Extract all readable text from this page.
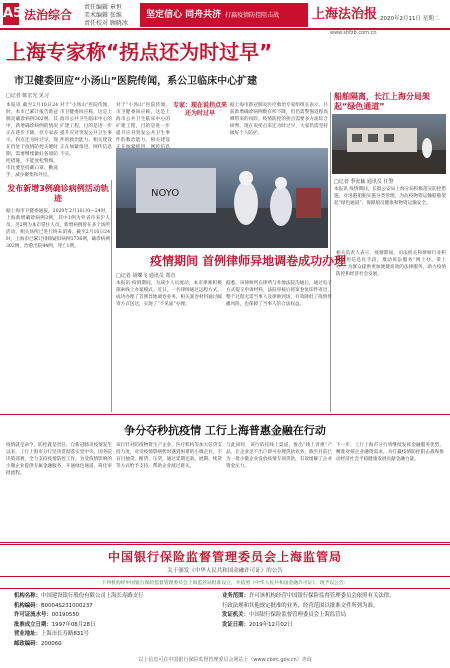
A5 法治综合
责任编辑 章恒
美术编辑 张维
责任校对 顾晓冰
坚定信心 同舟共济 打赢疫情防控阻击战	上海法治报 2020年2月11日 星期二
www.shfzb.com.cn
上海专家称“拐点还为时过早”
市卫健委回应“小汤山”医院传闻，系公卫临床中心扩建
□记者 陈宏光 见习
本报讯 截至2月10日24时，本市已累计报告新冠肺炎确诊病例302例。其中，新增确诊病例的情况正在逐步下降，但专家表示，拐点还为时过早，现在仍处于疫情防控关键时期，需要继续做好各项防控措施，不能放松警惕。市民要坚持戴口罩、勤洗手，减少聚集和外出。
发布新增3例确诊病例活动轨迹
据上海市卫健委通报，2020年2月10日0—24时，上海新增确诊病例3例，其中1例为外省市来沪人员，另2例为本市常住人员。新增病例曾在多个场所活动，相关场所已进行终末消毒。截至2月10日24时，上海市已累计排除疑似病例1736例，确诊病例302例，治愈出院44例，死亡1例。
对于“小汤山”医院传闻，市卫健委回应称，这是上海市公共卫生临床中心的扩建工程，目的是进一步提升应对突发公共卫生事件的救治能力。相关建设正在加紧推进，网传信息不实。
对于“小汤山”医院传闻，市卫健委回应称，这是上海市公共卫生临床中心的扩建工程，目的是进一步提升应对突发公共卫生事件的救治能力。相关建设
专家：现在说拐点来还为时过早
据上海市新冠肺炎医疗救治专家组组长表示，目前新增确诊病例数有所下降，但仍需警惕返程高峰带来的风险。疫情防控的拐点需要多方面综合研判，现在说拐点来还为时过早，大家仍需坚持做好个人防护。
NOYO
船舶隔离，长江上海分局架起“绿色通道”
□记者 季张颖 通讯员 任警
本报讯 疫情期间，长航公安局上海分局积极落实防控措施，对进港船舶实施分类管理，为抗疫物资运输船舶架起“绿色通道”，保障船员健康和物资运输安全。
疫情期间 首例律师异地调卷成功办理
□记者 胡蝶飞 通讯员 郑直
本报讯 疫情期间，为减少人员流动，本市律师积极探索线上办案模式。近日，一名律师通过远程方式，成功办理了首例异地调卷业务，相关案卷材料通过邮寄方式送达，实现了“不见面”办理。
据悉，该律师所在律所与外地法院沟通后，通过电子方式提交申请材料，法院审核后将案卷复印件寄出，整个过程无需当事人及律师到场，有效降低了疫情传播风险，也保障了当事人的合法权益。
相关负责人表示，疫情期间，司法机关和律师行业积极运用信息化手段，推动诉讼服务“网上办、掌上办”，为群众提供更加便捷高效的法律服务，助力疫情防控和经济社会发展。
争分夺秒抗疫情 工行上海普惠金融在行动
疫情就是命令，防控就是责任。自新冠肺炎疫情发生以来，工行上海市分行坚决贯彻落实党中央、国务院决策部署，全力支持疫情防控工作，为受疫情影响的小微企业提供专属金融服务，开通绿色通道，简化审批流程。
该行针对防疫物资生产企业、医疗机构等加大信贷支持力度，对受疫情影响暂时遇到困难的小微企业，不盲目抽贷、断贷、压贷，通过延期还款、展期、续贷等方式给予支持，帮助企业渡过难关。
与此同时，该行依托线上渠道，推出“线上普惠”产品，让企业足不出户即可办理贷款业务，截至目前已为一批小微企业发放疫情专项贷款，有效缓解了企业资金压力。
下一步，工行上海市分行将继续发挥金融服务优势，精准对接企业融资需求，为打赢疫情防控阻击战和推动经济社会平稳健康发展贡献金融力量。
中国银行保险监督管理委员会上海监管局
关于颁发《中华人民共和国金融许可证》的公告
下列机构经中国银行保险监督管理委员会上海监管局批准设立，并依照《中华人民共和国金融许可证》，现予以公告：
机构名称：中国建设银行股份有限公司上海长寿路支行
机构编码：B0004S231000237
许可证流水号：00190550
批准成立日期：1997年08月28日
营业地址：上海市长寿路831号
邮政编码：200060
业务范围：许可该机构经营中国银行保险监督管理委员会依照有关法律、
行政法规和其他规定批准的业务，经营范围以批准文件所列为准。
发证机关：中国银行保险监督管理委员会上海监管局
发证日期：2019年12月02日
以上信息可在中国银行保险监督管理委员会网站上（www.cbirc.gov.cn）查询
